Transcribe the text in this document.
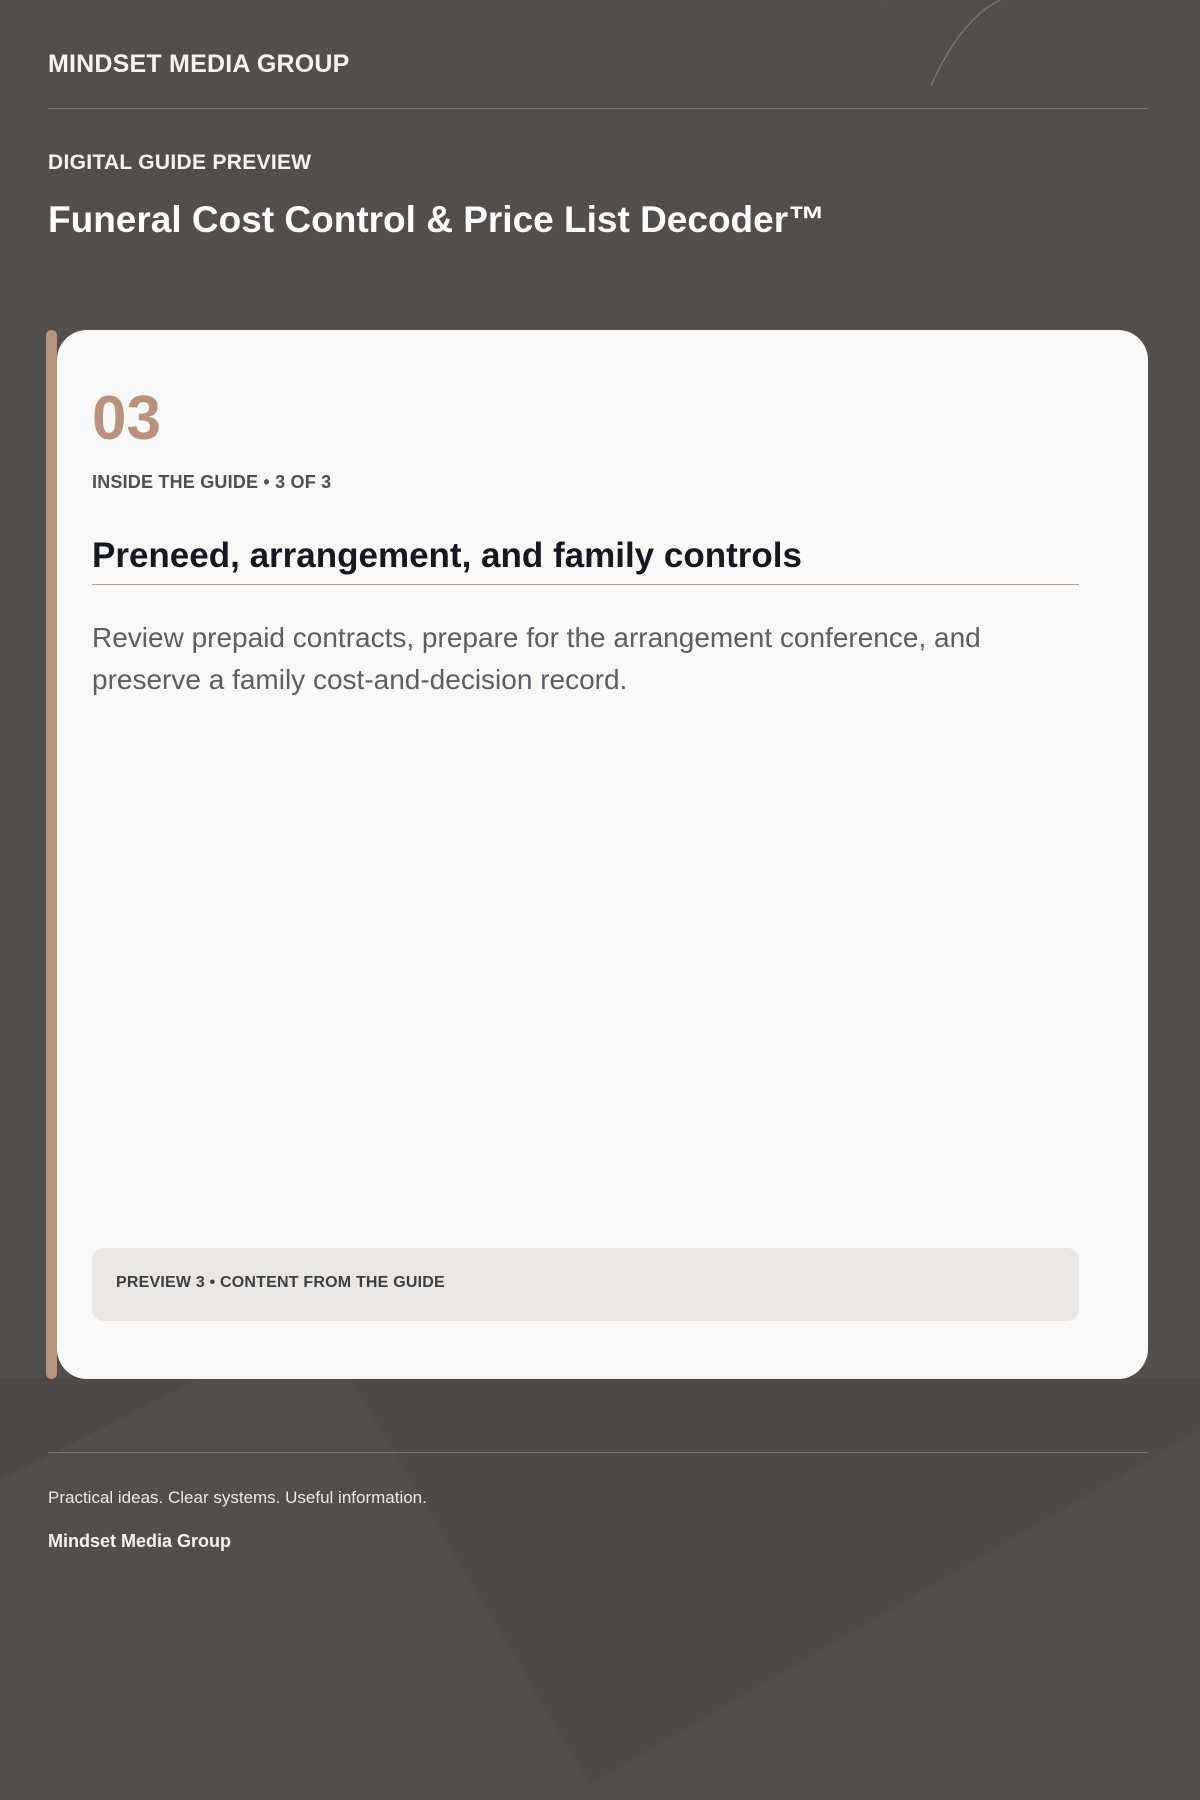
MINDSET MEDIA GROUP
DIGITAL GUIDE PREVIEW
Funeral Cost Control & Price List Decoder™
03
INSIDE THE GUIDE • 3 OF 3
Preneed, arrangement, and family controls

Review prepaid contracts, prepare for the arrangement conference, and preserve a family cost-and-decision record.

PREVIEW 3 • CONTENT FROM THE GUIDE
Practical ideas. Clear systems. Useful information.
Mindset Media Group
